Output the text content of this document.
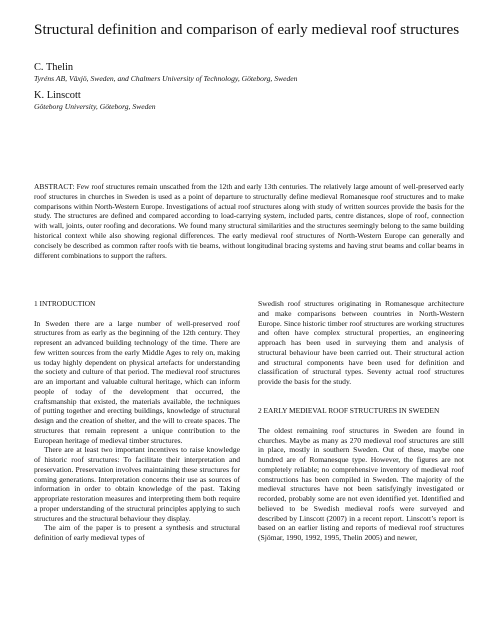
Structural definition and comparison of early medieval roof structures
C. Thelin
Tyréns AB, Växjö, Sweden, and Chalmers University of Technology, Göteborg, Sweden
K. Linscott
Göteborg University, Göteborg, Sweden

ABSTRACT: Few roof structures remain unscathed from the 12th and early 13th centuries. The relatively large amount of well-preserved early roof structures in churches in Sweden is used as a point of departure to structurally define medieval Romanesque roof structures and to make comparisons within North-Western Europe. Investigations of actual roof structures along with study of written sources provide the basis for the study. The structures are defined and compared according to load-carrying system, included parts, centre distances, slope of roof, connection with wall, joints, outer roofing and decorations. We found many structural similarities and the structures seemingly belong to the same building historical context while also showing regional differences. The early medieval roof structures of North-Western Europe can generally and concisely be described as common rafter roofs with tie beams, without longitudinal bracing systems and having strut beams and collar beams in different combinations to support the rafters.

1 INTRODUCTION

In Sweden there are a large number of well-preserved roof structures from as early as the beginning of the 12th century. They represent an advanced building technology of the time. There are few written sources from the early Middle Ages to rely on, making us today highly dependent on physical artefacts for understanding the society and culture of that period. The medieval roof structures are an important and valuable cultural heritage, which can inform people of today of the development that occurred, the craftsmanship that existed, the materials available, the techniques of putting together and erecting buildings, knowledge of structural design and the creation of shelter, and the will to create spaces. The structures that remain represent a unique contribution to the European heritage of medieval timber structures.

There are at least two important incentives to raise knowledge of historic roof structures: To facilitate their interpretation and preservation. Preservation involves maintaining these structures for coming generations. Interpretation concerns their use as sources of information in order to obtain knowledge of the past. Taking appropriate restoration measures and interpreting them both require a proper understanding of the structural principles applying to such structures and the structural behaviour they display.

The aim of the paper is to present a synthesis and structural definition of early medieval types of

Swedish roof structures originating in Romanesque architecture and make comparisons between countries in North-Western Europe. Since historic timber roof structures are working structures and often have complex structural properties, an engineering approach has been used in surveying them and analysis of structural behaviour have been carried out. Their structural action and structural components have been used for definition and classification of structural types. Seventy actual roof structures provide the basis for the study.

2 EARLY MEDIEVAL ROOF STRUCTURES IN SWEDEN

The oldest remaining roof structures in Sweden are found in churches. Maybe as many as 270 medieval roof structures are still in place, mostly in southern Sweden. Out of these, maybe one hundred are of Romanesque type. However, the figures are not completely reliable; no comprehensive inventory of medieval roof constructions has been compiled in Sweden. The majority of the medieval structures have not been satisfyingly investigated or recorded, probably some are not even identified yet. Identified and believed to be Swedish medieval roofs were surveyed and described by Linscott (2007) in a recent report. Linscott’s report is based on an earlier listing and reports of medieval roof structures (Sjömar, 1990, 1992, 1995, Thelin 2005) and newer,
